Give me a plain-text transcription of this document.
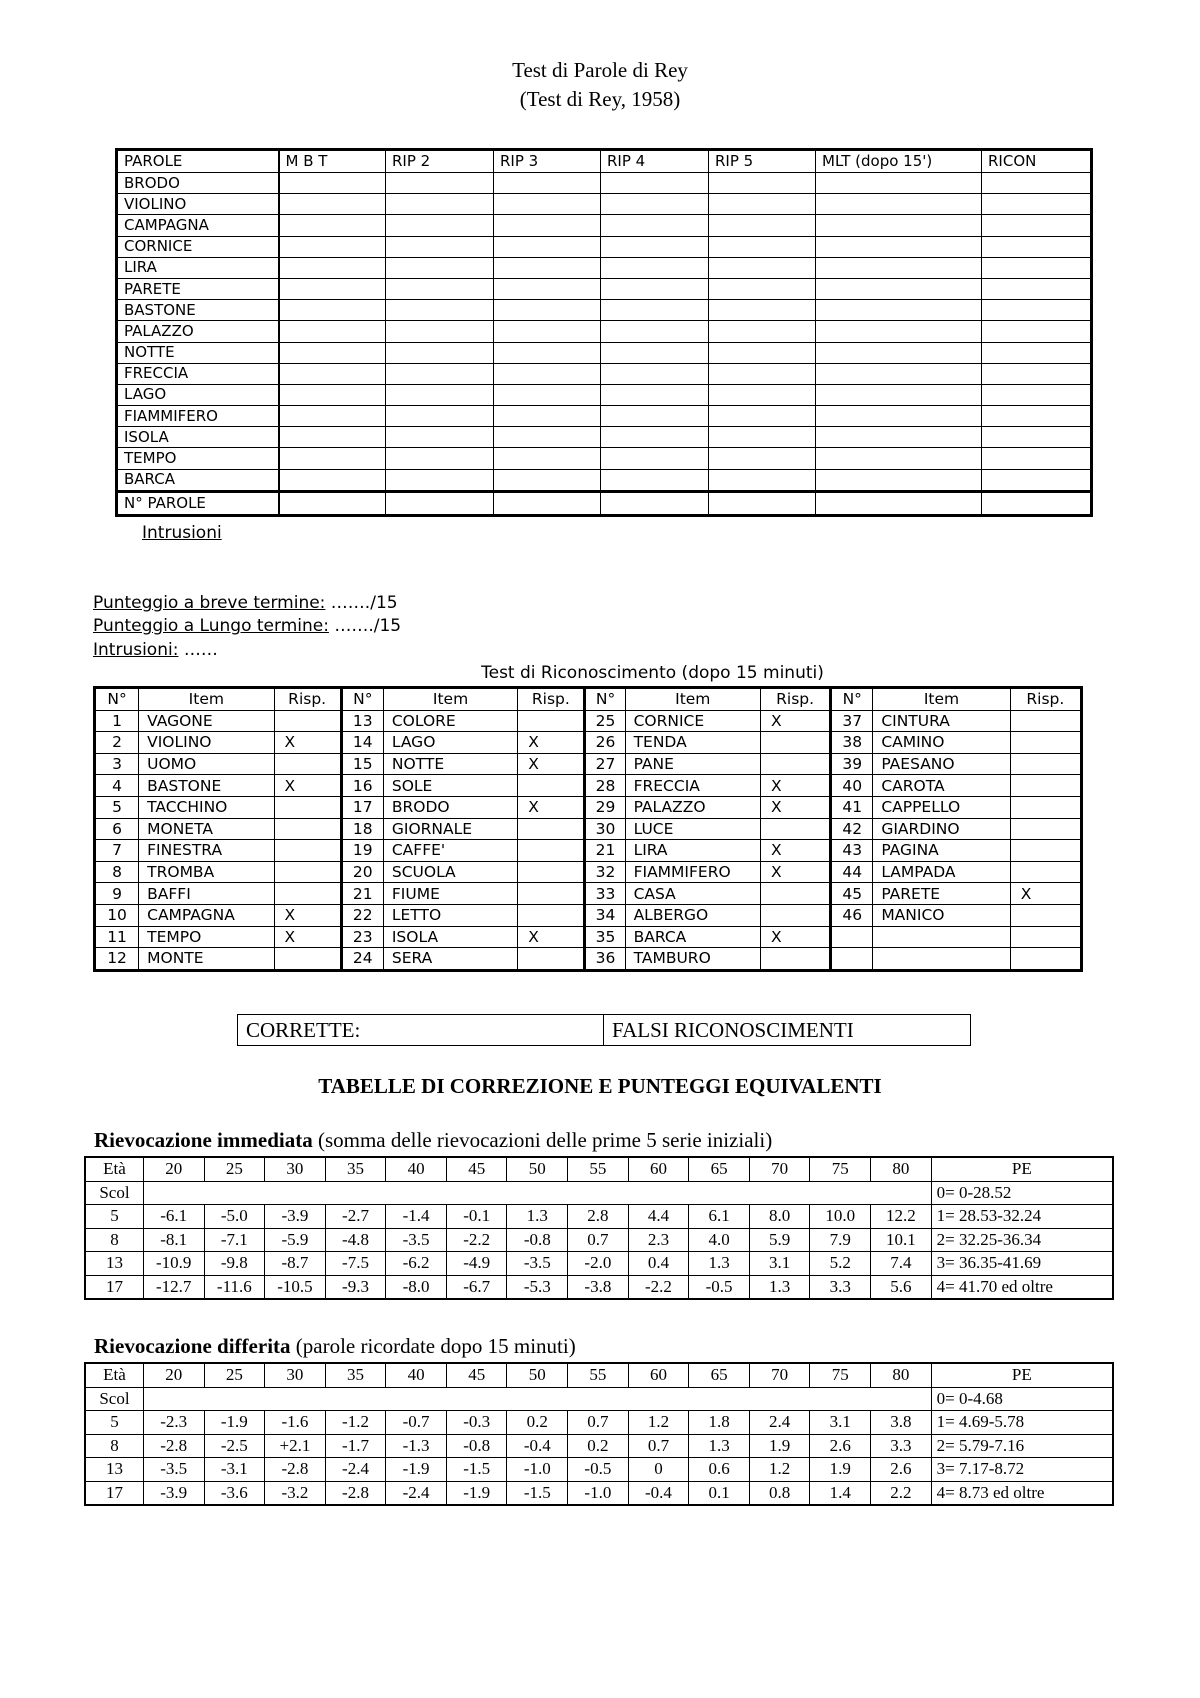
Test di Parole di Rey
(Test di Rey, 1958)
PAROLE	M B T	RIP 2	RIP 3	RIP 4	RIP 5	MLT (dopo 15')	RICON
BRODO							
VIOLINO							
CAMPAGNA							
CORNICE							
LIRA							
PARETE							
BASTONE							
PALAZZO							
NOTTE							
FRECCIA							
LAGO							
FIAMMIFERO							
ISOLA							
TEMPO							
BARCA							
N° PAROLE							
Intrusioni
Punteggio a breve termine: ……./15
Punteggio a Lungo termine: ……./15
Intrusioni: ……
Test di Riconoscimento (dopo 15 minuti)
N°	Item	Risp.	N°	Item	Risp.	N°	Item	Risp.	N°	Item	Risp.
1	VAGONE		13	COLORE		25	CORNICE	X	37	CINTURA	
2	VIOLINO	X	14	LAGO	X	26	TENDA		38	CAMINO	
3	UOMO		15	NOTTE	X	27	PANE		39	PAESANO	
4	BASTONE	X	16	SOLE		28	FRECCIA	X	40	CAROTA	
5	TACCHINO		17	BRODO	X	29	PALAZZO	X	41	CAPPELLO	
6	MONETA		18	GIORNALE		30	LUCE		42	GIARDINO	
7	FINESTRA		19	CAFFE'		21	LIRA	X	43	PAGINA	
8	TROMBA		20	SCUOLA		32	FIAMMIFERO	X	44	LAMPADA	
9	BAFFI		21	FIUME		33	CASA		45	PARETE	X
10	CAMPAGNA	X	22	LETTO		34	ALBERGO		46	MANICO	
11	TEMPO	X	23	ISOLA	X	35	BARCA	X			
12	MONTE		24	SERA		36	TAMBURO				
CORRETTE:	FALSI RICONOSCIMENTI
TABELLE DI CORREZIONE E PUNTEGGI EQUIVALENTI
Rievocazione immediata (somma delle rievocazioni delle prime 5 serie iniziali)
Età	20	25	30	35	40	45	50	55	60	65	70	75	80	PE
Scol														0= 0-28.52
5	-6.1	-5.0	-3.9	-2.7	-1.4	-0.1	1.3	2.8	4.4	6.1	8.0	10.0	12.2	1= 28.53-32.24
8	-8.1	-7.1	-5.9	-4.8	-3.5	-2.2	-0.8	0.7	2.3	4.0	5.9	7.9	10.1	2= 32.25-36.34
13	-10.9	-9.8	-8.7	-7.5	-6.2	-4.9	-3.5	-2.0	0.4	1.3	3.1	5.2	7.4	3= 36.35-41.69
17	-12.7	-11.6	-10.5	-9.3	-8.0	-6.7	-5.3	-3.8	-2.2	-0.5	1.3	3.3	5.6	4= 41.70 ed oltre
Rievocazione differita (parole ricordate dopo 15 minuti)
Età	20	25	30	35	40	45	50	55	60	65	70	75	80	PE
Scol														0= 0-4.68
5	-2.3	-1.9	-1.6	-1.2	-0.7	-0.3	0.2	0.7	1.2	1.8	2.4	3.1	3.8	1= 4.69-5.78
8	-2.8	-2.5	+2.1	-1.7	-1.3	-0.8	-0.4	0.2	0.7	1.3	1.9	2.6	3.3	2= 5.79-7.16
13	-3.5	-3.1	-2.8	-2.4	-1.9	-1.5	-1.0	-0.5	0	0.6	1.2	1.9	2.6	3= 7.17-8.72
17	-3.9	-3.6	-3.2	-2.8	-2.4	-1.9	-1.5	-1.0	-0.4	0.1	0.8	1.4	2.2	4= 8.73 ed oltre
